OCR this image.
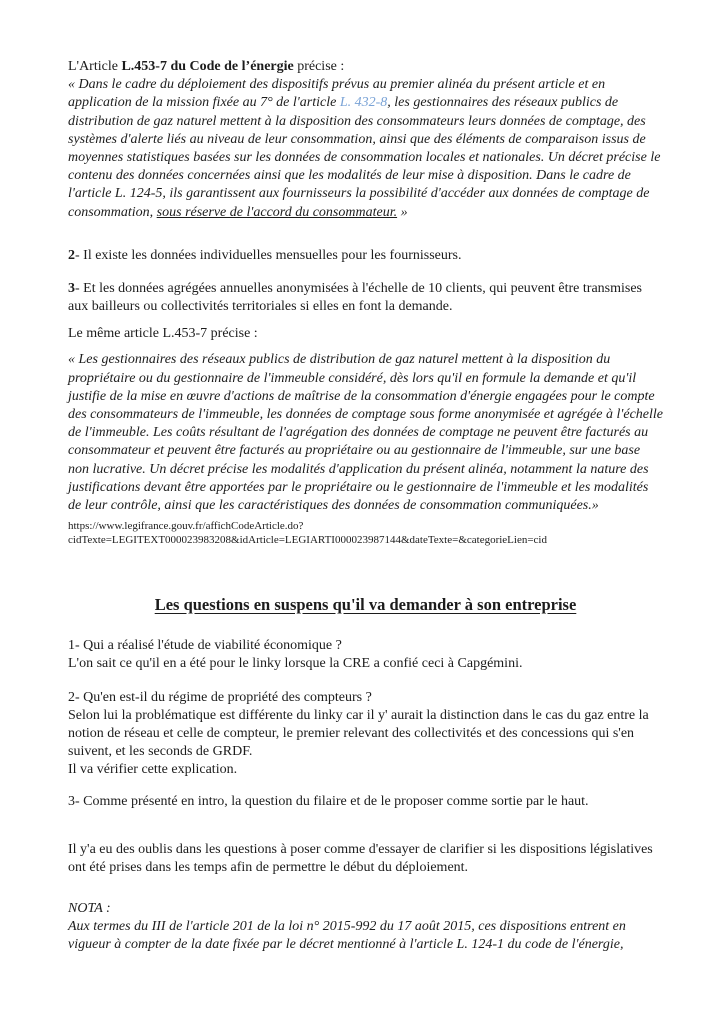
L'Article L.453-7 du Code de l’énergie précise :
« Dans le cadre du déploiement des dispositifs prévus au premier alinéa du présent article et en application de la mission fixée au 7° de l'article L. 432-8, les gestionnaires des réseaux publics de distribution de gaz naturel mettent à la disposition des consommateurs leurs données de comptage, des systèmes d'alerte liés au niveau de leur consommation, ainsi que des éléments de comparaison issus de moyennes statistiques basées sur les données de consommation locales et nationales. Un décret précise le contenu des données concernées ainsi que les modalités de leur mise à disposition. Dans le cadre de l'article L. 124-5, ils garantissent aux fournisseurs la possibilité d'accéder aux données de comptage de consommation, sous réserve de l'accord du consommateur. »
2- Il existe les données individuelles mensuelles pour les fournisseurs.
3- Et les données agrégées annuelles anonymisées à l'échelle de 10 clients, qui peuvent être transmises aux bailleurs ou collectivités territoriales si elles en font la demande.
Le même article L.453-7 précise :
« Les gestionnaires des réseaux publics de distribution de gaz naturel mettent à la disposition du propriétaire ou du gestionnaire de l'immeuble considéré, dès lors qu'il en formule la demande et qu'il justifie de la mise en œuvre d'actions de maîtrise de la consommation d'énergie engagées pour le compte des consommateurs de l'immeuble, les données de comptage sous forme anonymisée et agrégée à l'échelle de l'immeuble. Les coûts résultant de l'agrégation des données de comptage ne peuvent être facturés au consommateur et peuvent être facturés au propriétaire ou au gestionnaire de l'immeuble, sur une base non lucrative. Un décret précise les modalités d'application du présent alinéa, notamment la nature des justifications devant être apportées par le propriétaire ou le gestionnaire de l'immeuble et les modalités de leur contrôle, ainsi que les caractéristiques des données de consommation communiquées.»
https://www.legifrance.gouv.fr/affichCodeArticle.do?
cidTexte=LEGITEXT000023983208&idArticle=LEGIARTI000023987144&dateTexte=&categorieLien=cid
Les questions en suspens qu'il va demander à son entreprise
1- Qui a réalisé l'étude de viabilité économique ?
L'on sait ce qu'il en a été pour le linky lorsque la CRE a confié ceci à Capgémini.
2- Qu'en est-il du régime de propriété des compteurs ?
Selon lui la problématique est différente du linky car il y' aurait la distinction dans le cas du gaz entre la notion de réseau et celle de compteur, le premier relevant des collectivités et des concessions qui s'en suivent, et les seconds de GRDF.
Il va vérifier cette explication.
3- Comme présenté en intro, la question du filaire et de le proposer comme sortie par le haut.
Il y'a eu des oublis dans les questions à poser comme d'essayer de clarifier si les dispositions législatives ont été prises dans les temps afin de permettre le début du déploiement.
NOTA :
Aux termes du III de l'article 201 de la loi n° 2015-992 du 17 août 2015, ces dispositions entrent en vigueur à compter de la date fixée par le décret mentionné à l'article L. 124-1 du code de l'énergie,
